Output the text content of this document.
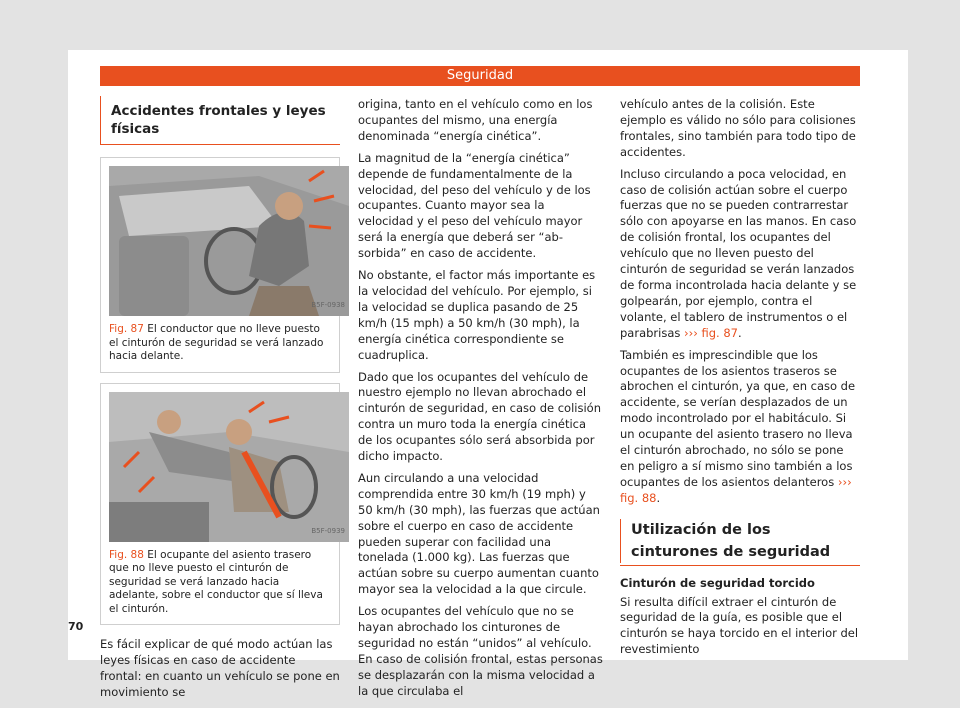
Seguridad
Accidentes frontales y leyes físicas
B5F-0938
Fig. 87 El conductor que no lleve puesto el cinturón de seguridad se verá lanzado hacia delante.
B5F-0939
Fig. 88 El ocupante del asiento trasero que no lleve puesto el cinturón de seguridad se verá lanzado hacia adelante, sobre el conductor que sí lleva el cinturón.

Es fácil explicar de qué modo actúan las leyes físicas en caso de accidente frontal: en cuanto un vehículo se pone en movimiento se

origina, tanto en el vehículo como en los ocupantes del mismo, una energía denominada “energía cinética”.

La magnitud de la “energía cinética” depende de fundamentalmente de la velocidad, del peso del vehículo y de los ocupantes. Cuanto mayor sea la velocidad y el peso del vehículo mayor será la energía que deberá ser “absorbida” en caso de accidente.

No obstante, el factor más importante es la velocidad del vehículo. Por ejemplo, si la velocidad se duplica pasando de 25 km/h (15 mph) a 50 km/h (30 mph), la energía cinética correspondiente se cuadruplica.

Dado que los ocupantes del vehículo de nuestro ejemplo no llevan abrochado el cinturón de seguridad, en caso de colisión contra un muro toda la energía cinética de los ocupantes sólo será absorbida por dicho impacto.

Aun circulando a una velocidad comprendida entre 30 km/h (19 mph) y 50 km/h (30 mph), las fuerzas que actúan sobre el cuerpo en caso de accidente pueden superar con facilidad una tonelada (1.000 kg). Las fuerzas que actúan sobre su cuerpo aumentan cuanto mayor sea la velocidad a la que circule.

Los ocupantes del vehículo que no se hayan abrochado los cinturones de seguridad no están “unidos” al vehículo. En caso de colisión frontal, estas personas se desplazarán con la misma velocidad a la que circulaba el

vehículo antes de la colisión. Este ejemplo es válido no sólo para colisiones frontales, sino también para todo tipo de accidentes.

Incluso circulando a poca velocidad, en caso de colisión actúan sobre el cuerpo fuerzas que no se pueden contrarrestar sólo con apoyarse en las manos. En caso de colisión frontal, los ocupantes del vehículo que no lleven puesto del cinturón de seguridad se verán lanzados de forma incontrolada hacia delante y se golpearán, por ejemplo, contra el volante, el tablero de instrumentos o el parabrisas ››› fig. 87.

También es imprescindible que los ocupantes de los asientos traseros se abrochen el cinturón, ya que, en caso de accidente, se verían desplazados de un modo incontrolado por el habitáculo. Si un ocupante del asiento trasero no lleva el cinturón abrochado, no sólo se pone en peligro a sí mismo sino también a los ocupantes de los asientos delanteros ››› fig. 88.

Utilización de los cinturones de seguridad
Cinturón de seguridad torcido

Si resulta difícil extraer el cinturón de seguridad de la guía, es posible que el cinturón se haya torcido en el interior del revestimiento

70
